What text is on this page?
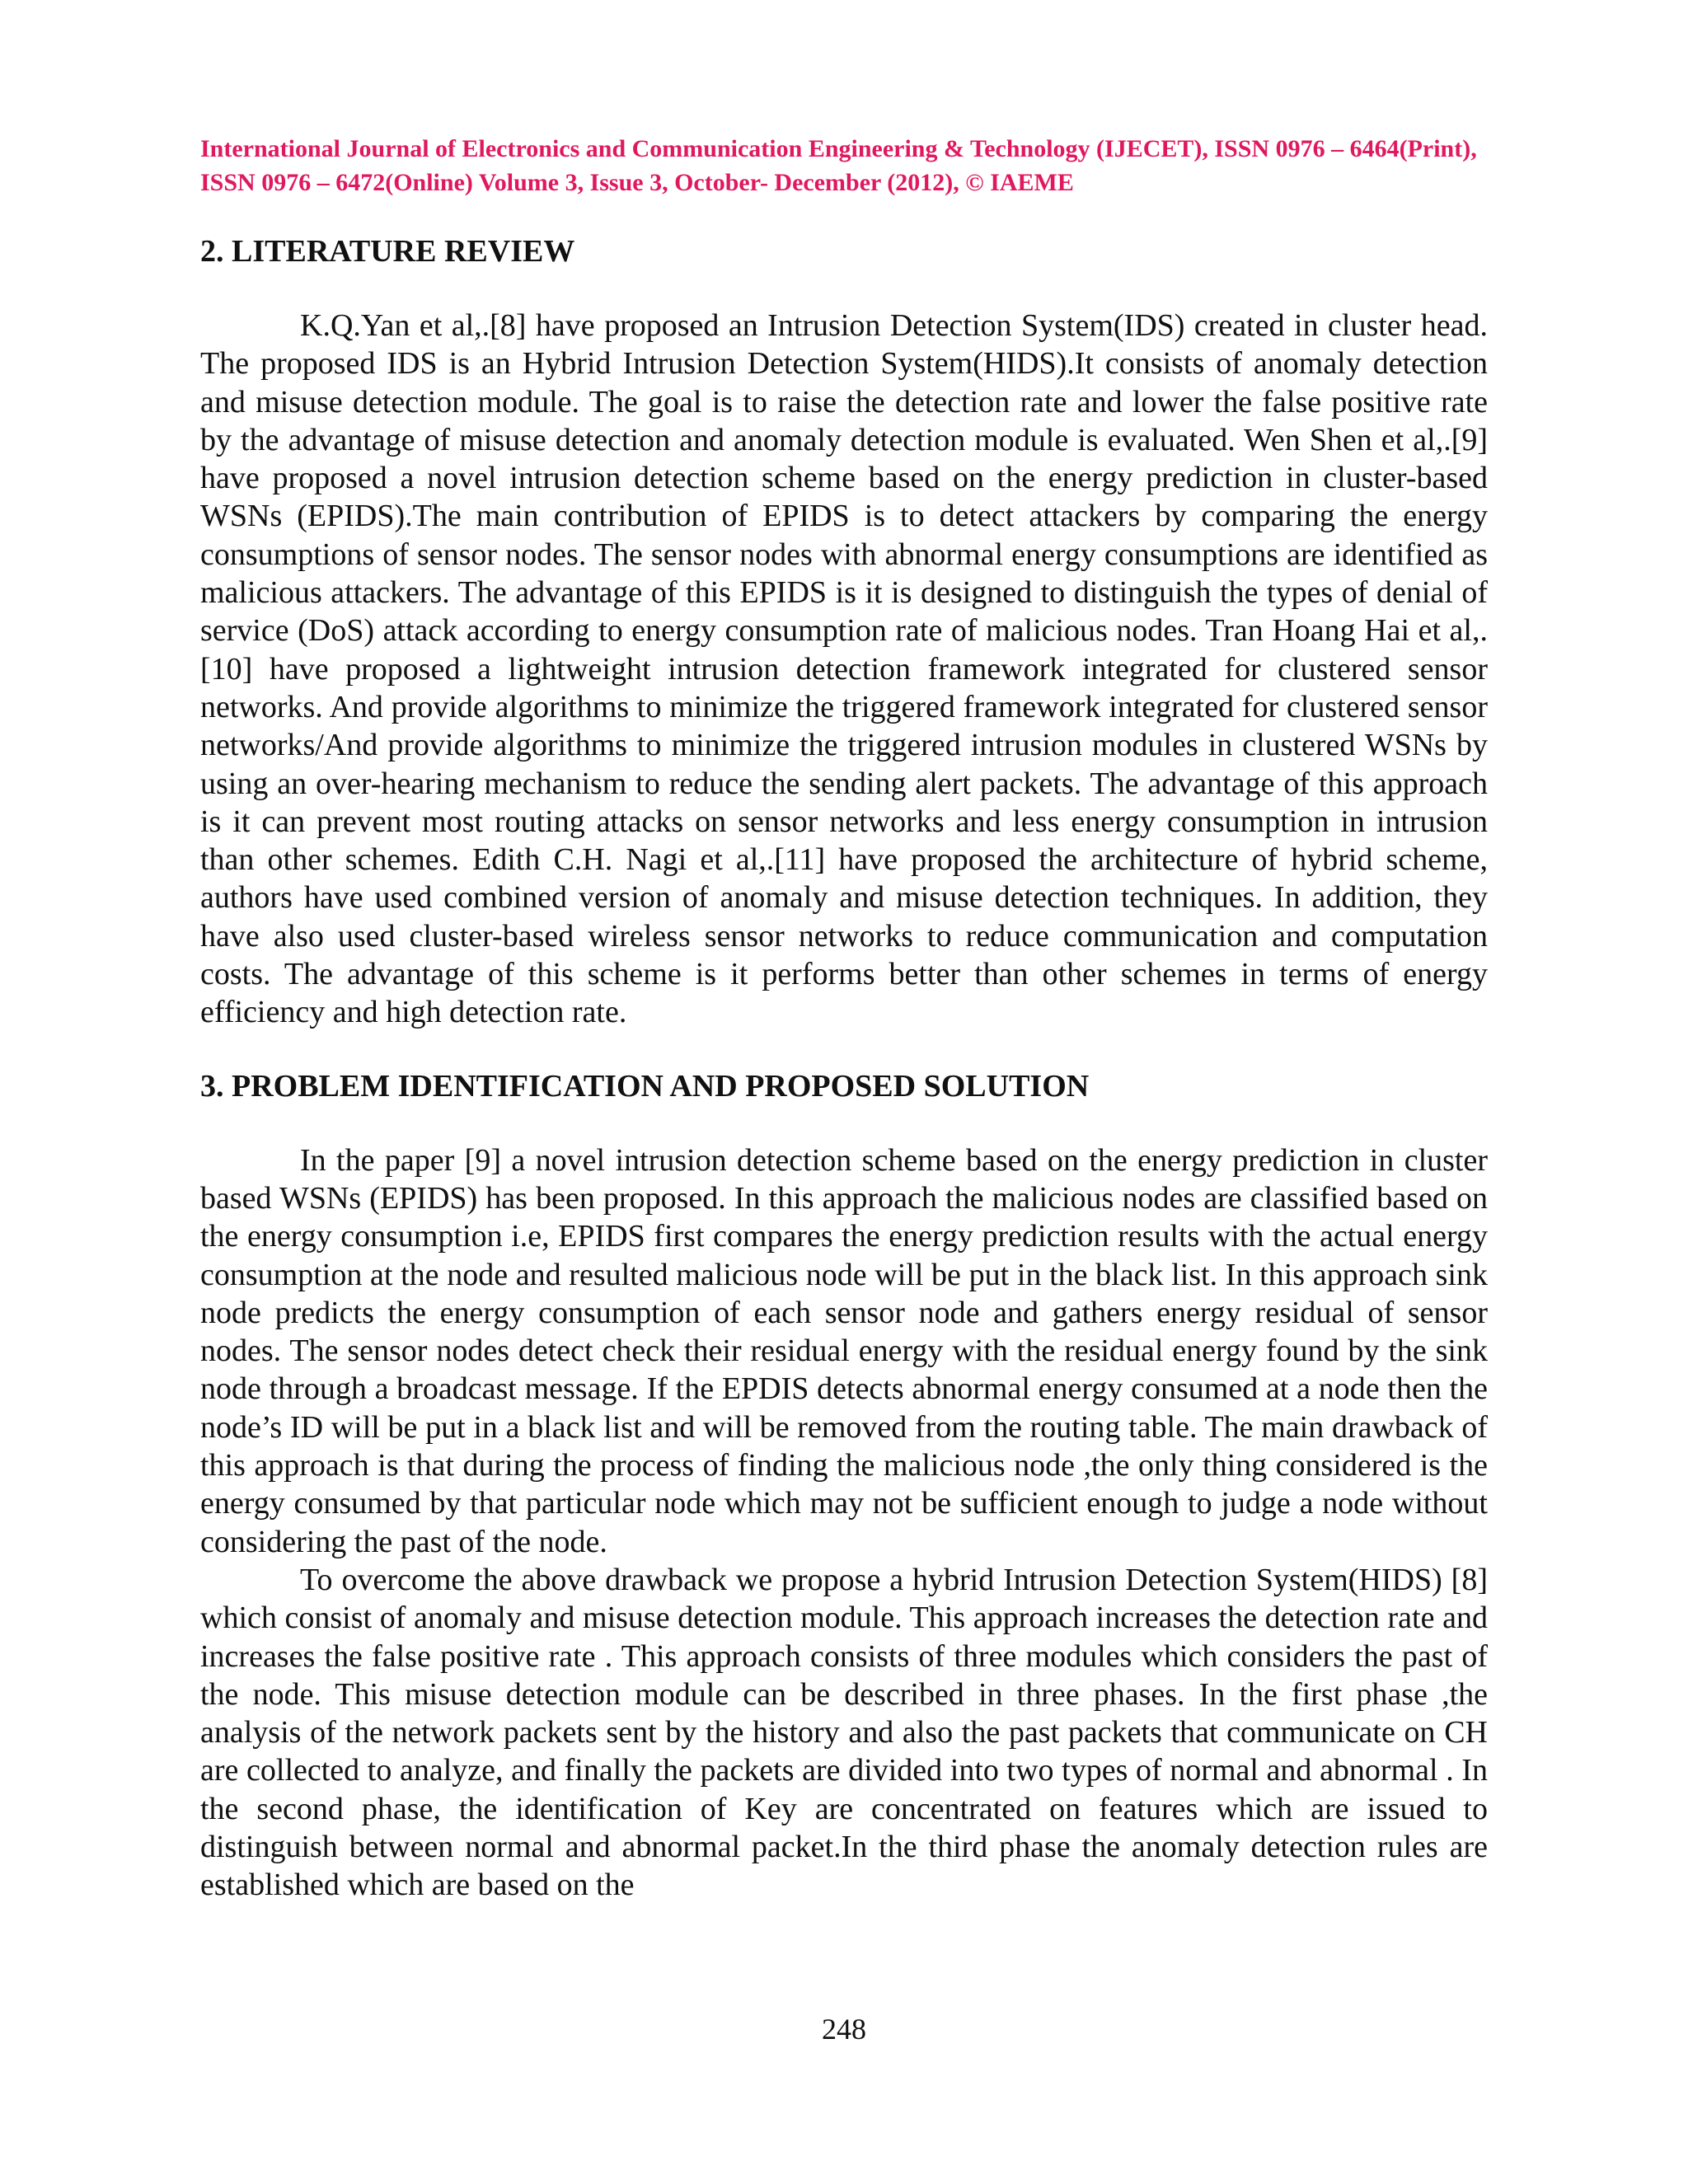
International Journal of Electronics and Communication Engineering & Technology (IJECET), ISSN 0976 – 6464(Print), ISSN 0976 – 6472(Online) Volume 3, Issue 3, October- December (2012), © IAEME

2. LITERATURE REVIEW

K.Q.Yan et al,.[8] have proposed an Intrusion Detection System(IDS) created in cluster head. The proposed IDS is an Hybrid Intrusion Detection System(HIDS).It consists of anomaly detection and misuse detection module. The goal is to raise the detection rate and lower the false positive rate by the advantage of misuse detection and anomaly detection module is evaluated. Wen Shen et al,.[9] have proposed a novel intrusion detection scheme based on the energy prediction in cluster-based WSNs (EPIDS).The main contribution of EPIDS is to detect attackers by comparing the energy consumptions of sensor nodes. The sensor nodes with abnormal energy consumptions are identified as malicious attackers. The advantage of this EPIDS is it is designed to distinguish the types of denial of service (DoS) attack according to energy consumption rate of malicious nodes. Tran Hoang Hai et al,.[10] have proposed a lightweight intrusion detection framework integrated for clustered sensor networks. And provide algorithms to minimize the triggered framework integrated for clustered sensor networks/And provide algorithms to minimize the triggered intrusion modules in clustered WSNs by using an over-hearing mechanism to reduce the sending alert packets. The advantage of this approach is it can prevent most routing attacks on sensor networks and less energy consumption in intrusion than other schemes. Edith C.H. Nagi et al,.[11] have proposed the architecture of hybrid scheme, authors have used combined version of anomaly and misuse detection techniques. In addition, they have also used cluster-based wireless sensor networks to reduce communication and computation costs. The advantage of this scheme is it performs better than other schemes in terms of energy efficiency and high detection rate.

3. PROBLEM IDENTIFICATION AND PROPOSED SOLUTION

In the paper [9] a novel intrusion detection scheme based on the energy prediction in cluster based WSNs (EPIDS) has been proposed. In this approach the malicious nodes are classified based on the energy consumption i.e, EPIDS first compares the energy prediction results with the actual energy consumption at the node and resulted malicious node will be put in the black list. In this approach sink node predicts the energy consumption of each sensor node and gathers energy residual of sensor nodes. The sensor nodes detect check their residual energy with the residual energy found by the sink node through a broadcast message. If the EPDIS detects abnormal energy consumed at a node then the node’s ID will be put in a black list and will be removed from the routing table. The main drawback of this approach is that during the process of finding the malicious node ,the only thing considered is the energy consumed by that particular node which may not be sufficient enough to judge a node without considering the past of the node.

To overcome the above drawback we propose a hybrid Intrusion Detection System(HIDS) [8] which consist of anomaly and misuse detection module. This approach increases the detection rate and increases the false positive rate . This approach consists of three modules which considers the past of the node. This misuse detection module can be described in three phases. In the first phase ,the analysis of the network packets sent by the history and also the past packets that communicate on CH are collected to analyze, and finally the packets are divided into two types of normal and abnormal . In the second phase, the identification of Key are concentrated on features which are issued to distinguish between normal and abnormal packet.In the third phase the anomaly detection rules are established which are based on the

248
